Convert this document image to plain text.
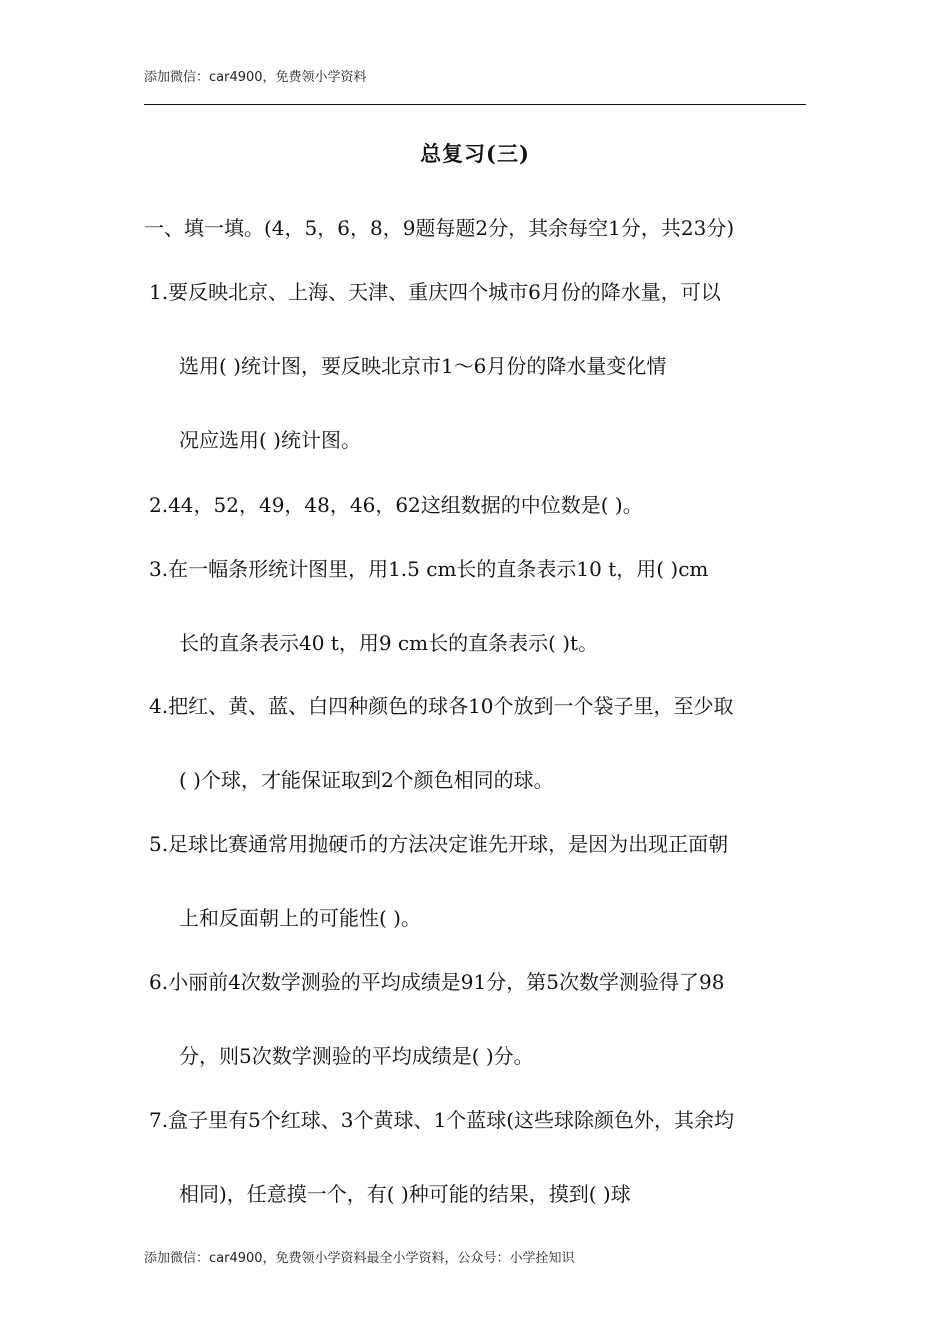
添加微信：car4900，免费领小学资料
总复习(三)
一、填一填。(4，5，6，8，9题每题2分，其余每空1分，共23分)
1.要反映北京、上海、天津、重庆四个城市6月份的降水量，可以
选用( )统计图，要反映北京市1～6月份的降水量变化情
况应选用( )统计图。
2.44，52，49，48，46，62这组数据的中位数是( )。
3.在一幅条形统计图里，用1.5 cm长的直条表示10 t，用( )cm
长的直条表示40 t，用9 cm长的直条表示( )t。
4.把红、黄、蓝、白四种颜色的球各10个放到一个袋子里，至少取
( )个球，才能保证取到2个颜色相同的球。
5.足球比赛通常用抛硬币的方法决定谁先开球，是因为出现正面朝
上和反面朝上的可能性( )。
6.小丽前4次数学测验的平均成绩是91分，第5次数学测验得了98
分，则5次数学测验的平均成绩是( )分。
7.盒子里有5个红球、3个黄球、1个蓝球(这些球除颜色外，其余均
相同)，任意摸一个，有( )种可能的结果，摸到( )球
添加微信：car4900，免费领小学资料最全小学资料，公众号：小学拴知识
